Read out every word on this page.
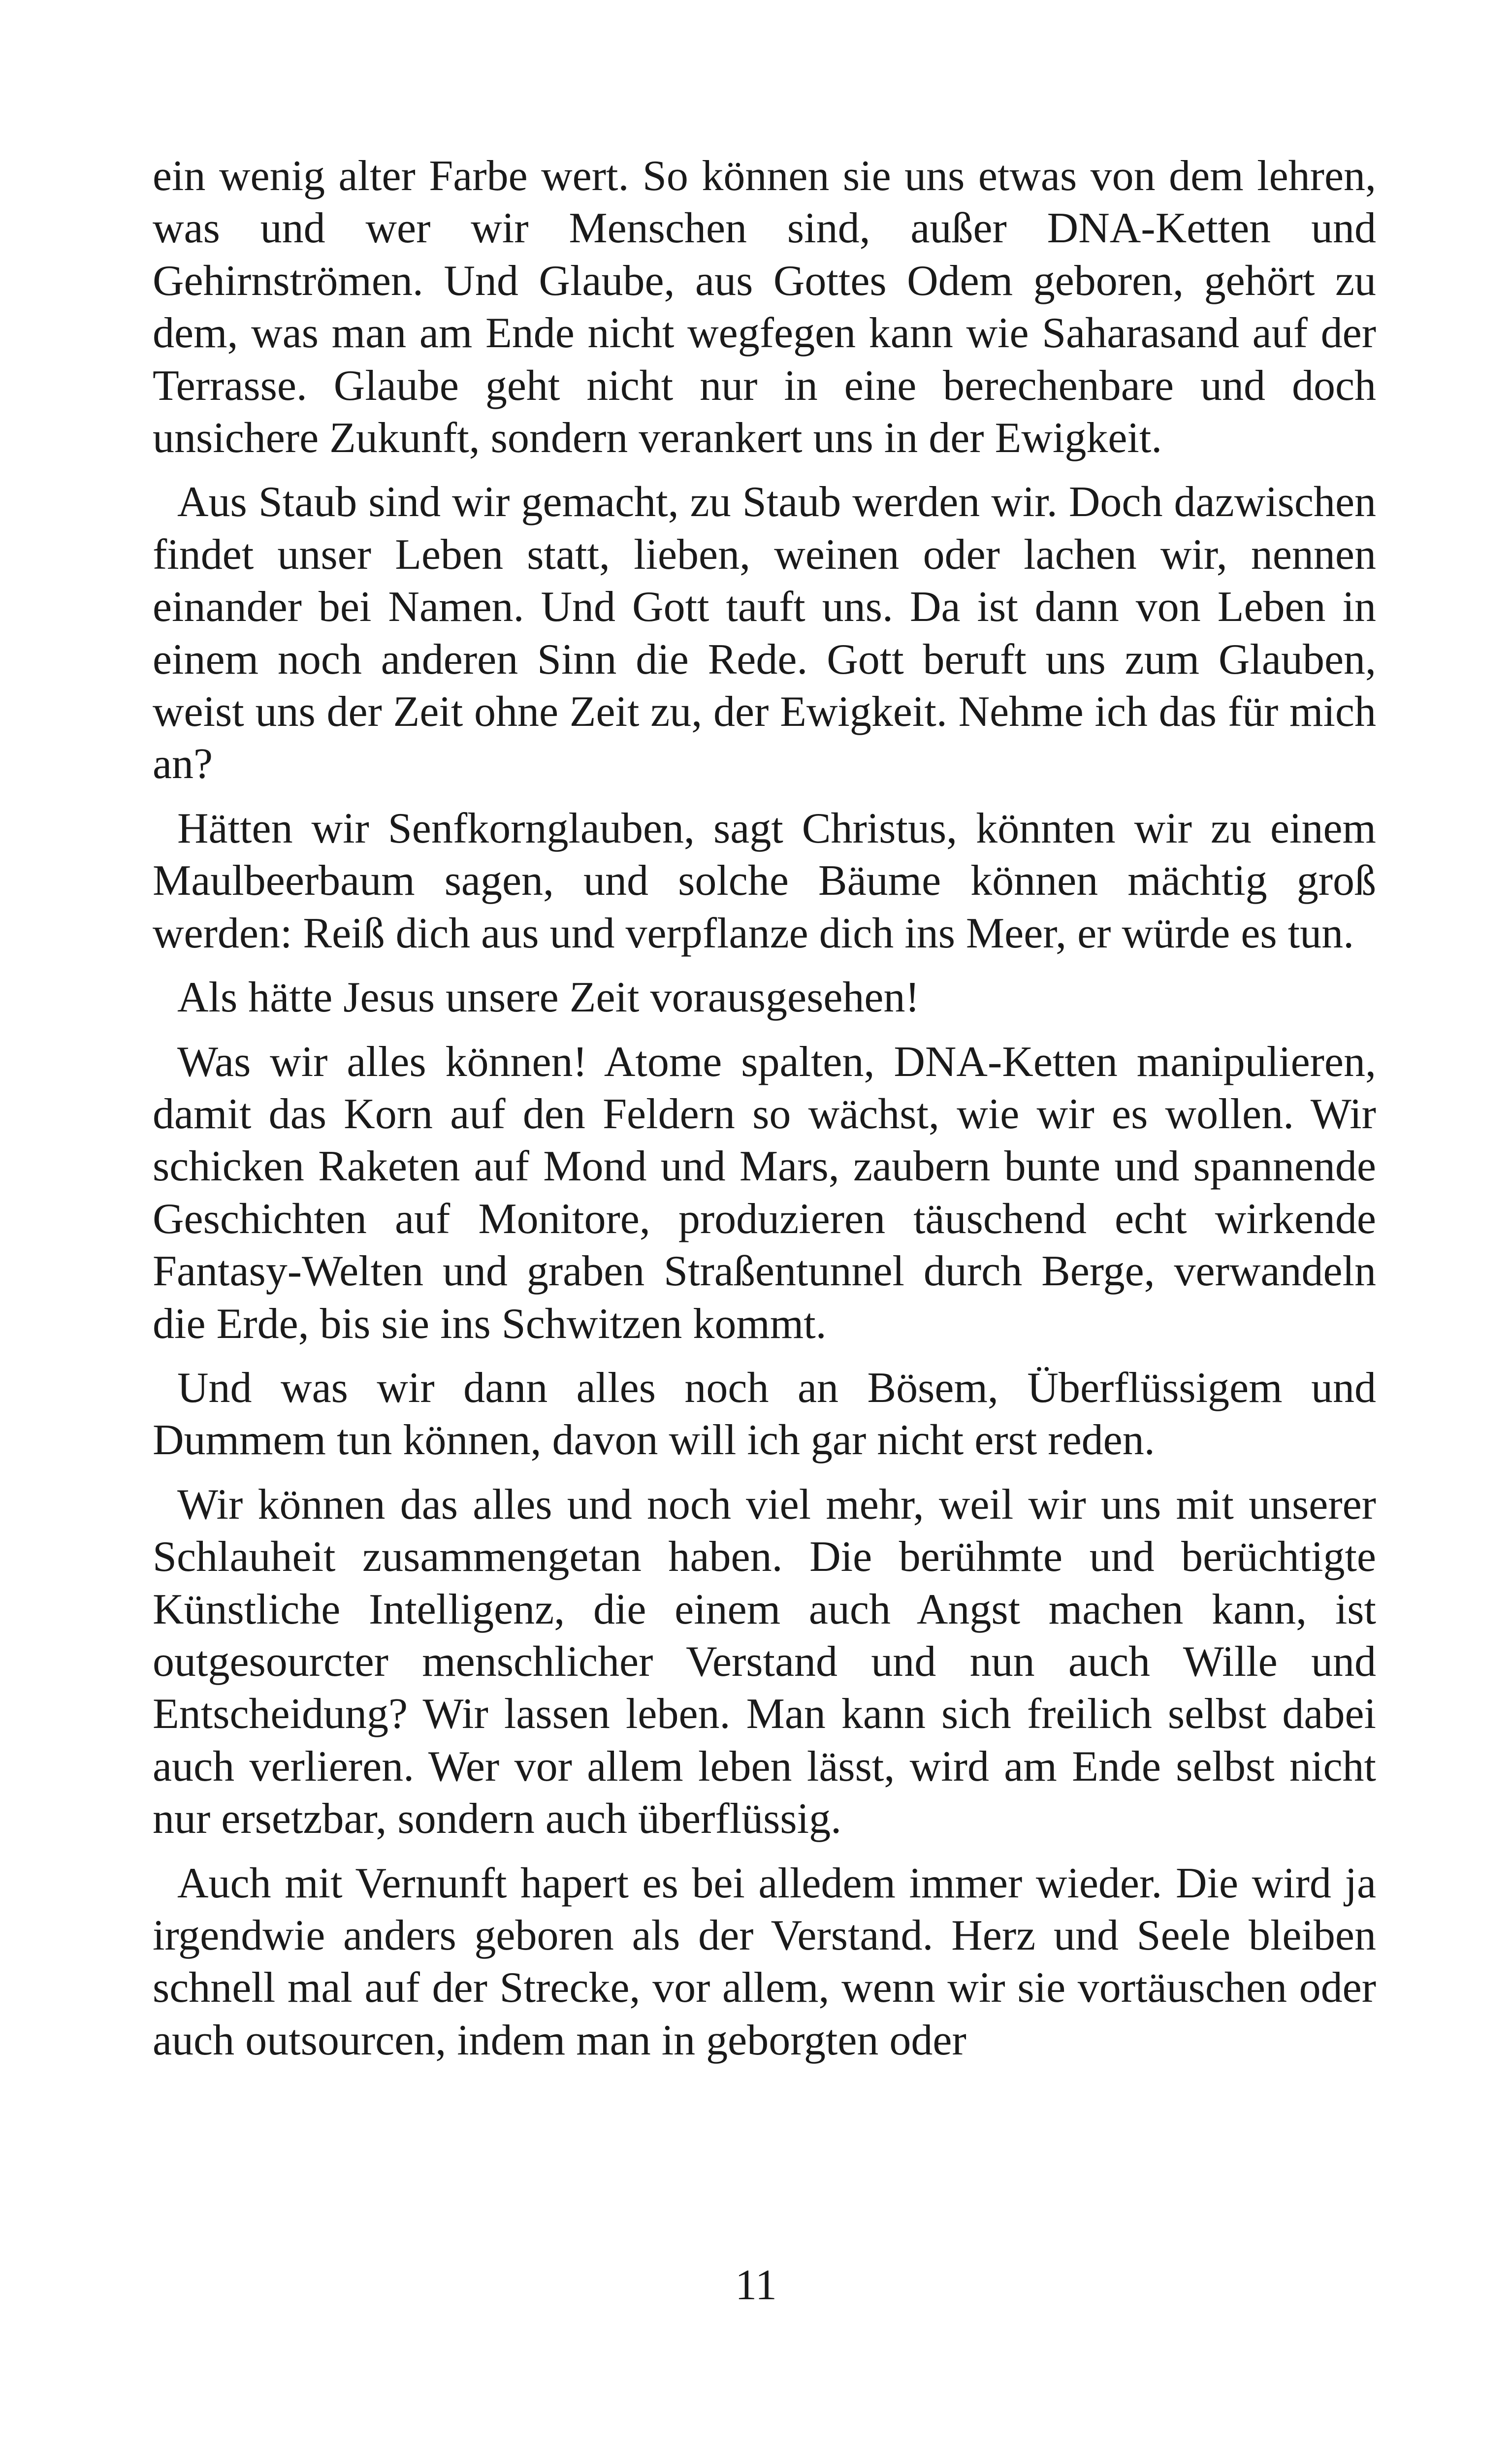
ein wenig alter Farbe wert. So können sie uns etwas von dem lehren, was und wer wir Menschen sind, außer DNA-Ketten und Gehirnströmen. Und Glaube, aus Gottes Odem geboren, gehört zu dem, was man am Ende nicht wegfegen kann wie Saharasand auf der Terrasse. Glaube geht nicht nur in eine berechenbare und doch unsichere Zukunft, sondern verankert uns in der Ewigkeit.

Aus Staub sind wir gemacht, zu Staub werden wir. Doch dazwischen findet unser Leben statt, lieben, weinen oder lachen wir, nennen einander bei Namen. Und Gott tauft uns. Da ist dann von Leben in einem noch anderen Sinn die Rede. Gott beruft uns zum Glauben, weist uns der Zeit ohne Zeit zu, der Ewigkeit. Nehme ich das für mich an?

Hätten wir Senfkornglauben, sagt Christus, könnten wir zu einem Maulbeerbaum sagen, und solche Bäume können mächtig groß werden: Reiß dich aus und verpflanze dich ins Meer, er würde es tun.

Als hätte Jesus unsere Zeit vorausgesehen!

Was wir alles können! Atome spalten, DNA-Ketten manipulieren, damit das Korn auf den Feldern so wächst, wie wir es wollen. Wir schicken Raketen auf Mond und Mars, zaubern bunte und spannende Geschichten auf Monitore, produzieren täuschend echt wirkende Fantasy-Welten und graben Straßentunnel durch Berge, verwandeln die Erde, bis sie ins Schwitzen kommt.

Und was wir dann alles noch an Bösem, Überflüssigem und Dummem tun können, davon will ich gar nicht erst reden.

Wir können das alles und noch viel mehr, weil wir uns mit unserer Schlauheit zusammengetan haben. Die berühmte und berüchtigte Künstliche Intelligenz, die einem auch Angst machen kann, ist outgesourcter menschlicher Verstand und nun auch Wille und Entscheidung? Wir lassen leben. Man kann sich freilich selbst dabei auch verlieren. Wer vor allem leben lässt, wird am Ende selbst nicht nur ersetzbar, sondern auch überflüssig.

Auch mit Vernunft hapert es bei alledem immer wieder. Die wird ja irgendwie anders geboren als der Verstand. Herz und Seele bleiben schnell mal auf der Strecke, vor allem, wenn wir sie vortäuschen oder auch outsourcen, indem man in geborgten oder

11
